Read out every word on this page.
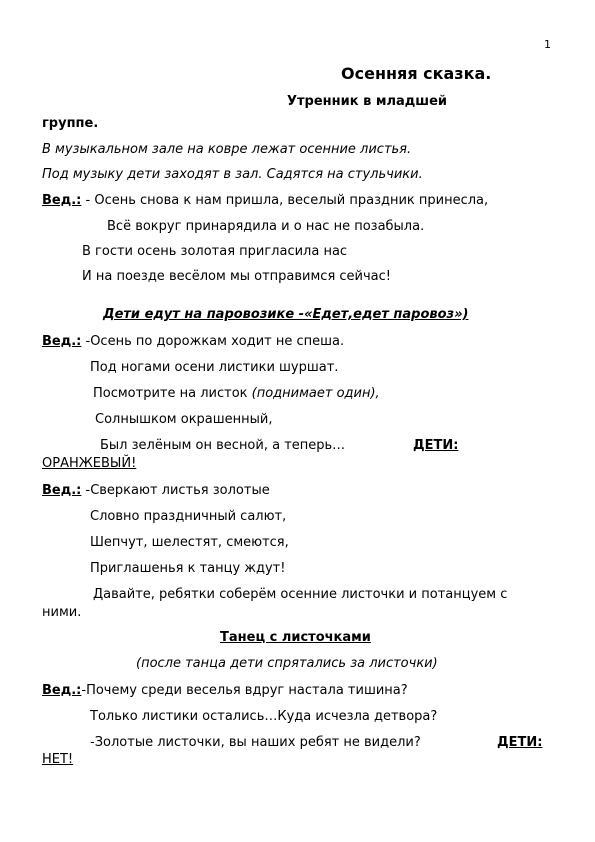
1
Осенняя сказка.
Утренник в младшей
группе.
В музыкальном зале на ковре лежат осенние листья.
Под музыку дети заходят в зал. Садятся на стульчики.
Вед.: - Осень снова к нам пришла, веселый праздник принесла,
Всё вокруг принарядила и о нас не позабыла.
В гости осень золотая пригласила нас
И на поезде весёлом мы отправимся сейчас!
Дети едут на паровозике -«Едет,едет паровоз»)
Вед.: -Осень по дорожкам ходит не спеша.
Под ногами осени листики шуршат.
Посмотрите на листок (поднимает один),
Солнышком окрашенный,
Был зелёным он весной, а теперь…	ДЕТИ:
ОРАНЖЕВЫЙ!
Вед.: -Сверкают листья золотые
Словно праздничный салют,
Шепчут, шелестят, смеются,
Приглашенья к танцу ждут!
Давайте, ребятки соберём осенние листочки и потанцуем с
ними.
Танец с листочками
(после танца дети спрятались за листочки)
Вед.:-Почему среди веселья вдруг настала тишина?
Только листики остались…Куда исчезла детвора?
-Золотые листочки, вы наших ребят не видели?	ДЕТИ:
НЕТ!
